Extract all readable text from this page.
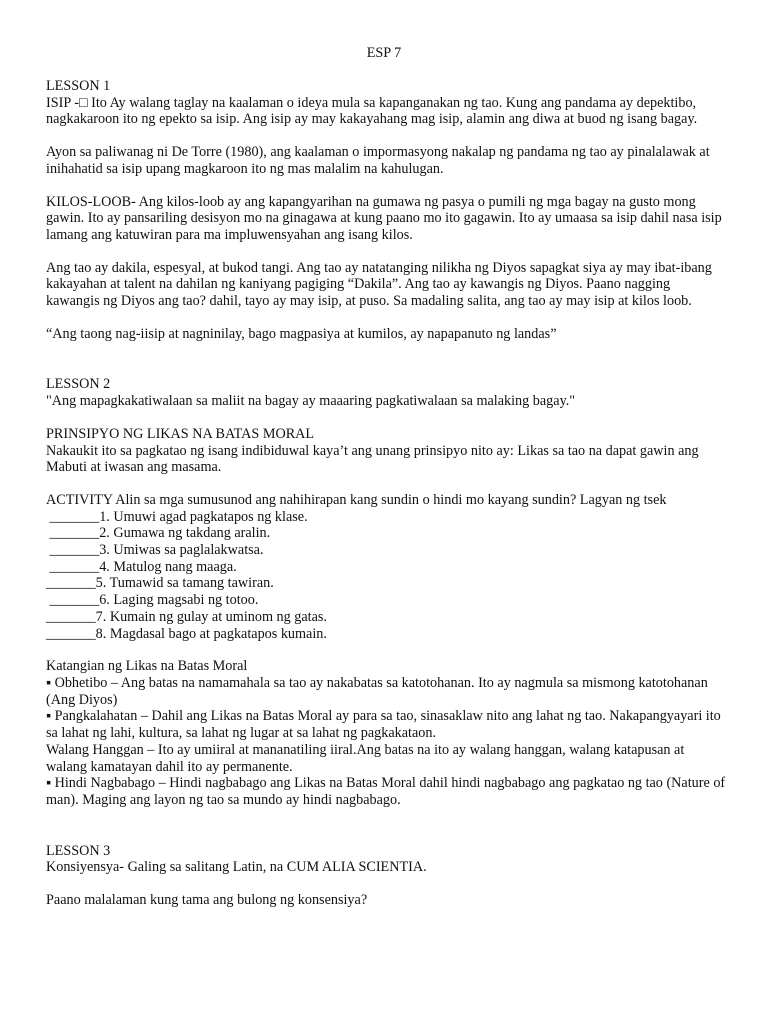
ESP 7

LESSON 1

ISIP -□ Ito Ay walang taglay na kaalaman o ideya mula sa kapanganakan ng tao. Kung ang pandama ay depektibo, nagkakaroon ito ng epekto sa isip. Ang isip ay may kakayahang mag isip, alamin ang diwa at buod ng isang bagay.

Ayon sa paliwanag ni De Torre (1980), ang kaalaman o impormasyong nakalap ng pandama ng tao ay pinalalawak at inihahatid sa isip upang magkaroon ito ng mas malalim na kahulugan.

KILOS-LOOB- Ang kilos-loob ay ang kapangyarihan na gumawa ng pasya o pumili ng mga bagay na gusto mong gawin. Ito ay pansariling desisyon mo na ginagawa at kung paano mo ito gagawin. Ito ay umaasa sa isip dahil nasa isip lamang ang katuwiran para ma impluwensyahan ang isang kilos.

Ang tao ay dakila, espesyal, at bukod tangi. Ang tao ay natatanging nilikha ng Diyos sapagkat siya ay may ibat-ibang kakayahan at talent na dahilan ng kaniyang pagiging “Dakila”. Ang tao ay kawangis ng Diyos. Paano nagging kawangis ng Diyos ang tao? dahil, tayo ay may isip, at puso. Sa madaling salita, ang tao ay may isip at kilos loob.

“Ang taong nag-iisip at nagninilay, bago magpasiya at kumilos, ay napapanuto ng landas”

LESSON 2

"Ang mapagkakatiwalaan sa maliit na bagay ay maaaring pagkatiwalaan sa malaking bagay."

PRINSIPYO NG LIKAS NA BATAS MORAL

Nakaukit ito sa pagkatao ng isang indibiduwal kaya’t ang unang prinsipyo nito ay: Likas sa tao na dapat gawin ang Mabuti at iwasan ang masama.

ACTIVITY Alin sa mga sumusunod ang nahihirapan kang sundin o hindi mo kayang sundin? Lagyan ng tsek

_______1. Umuwi agad pagkatapos ng klase.

_______2. Gumawa ng takdang aralin.

_______3. Umiwas sa paglalakwatsa.

_______4. Matulog nang maaga.

_______5. Tumawid sa tamang tawiran.

_______6. Laging magsabi ng totoo.

_______7. Kumain ng gulay at uminom ng gatas.

_______8. Magdasal bago at pagkatapos kumain.

Katangian ng Likas na Batas Moral

▪ Obhetibo – Ang batas na namamahala sa tao ay nakabatas sa katotohanan. Ito ay nagmula sa mismong katotohanan (Ang Diyos)

▪ Pangkalahatan – Dahil ang Likas na Batas Moral ay para sa tao, sinasaklaw nito ang lahat ng tao. Nakapangyayari ito sa lahat ng lahi, kultura, sa lahat ng lugar at sa lahat ng pagkakataon.

Walang Hanggan – Ito ay umiiral at mananatiling iiral.Ang batas na ito ay walang hanggan, walang katapusan at walang kamatayan dahil ito ay permanente.

▪ Hindi Nagbabago – Hindi nagbabago ang Likas na Batas Moral dahil hindi nagbabago ang pagkatao ng tao (Nature of man). Maging ang layon ng tao sa mundo ay hindi nagbabago.

LESSON 3

Konsiyensya- Galing sa salitang Latin, na CUM ALIA SCIENTIA.

Paano malalaman kung tama ang bulong ng konsensiya?
